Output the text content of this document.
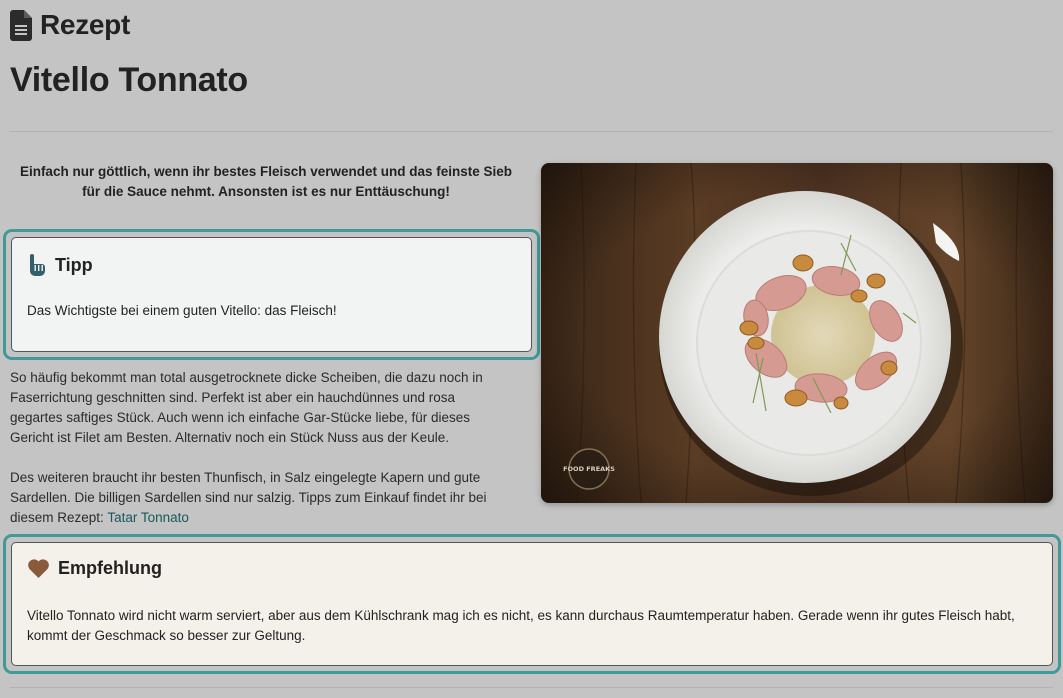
Rezept
Vitello Tonnato
Einfach nur göttlich, wenn ihr bestes Fleisch verwendet und das feinste Sieb für die Sauce nehmt. Ansonsten ist es nur Enttäuschung!
Tipp
Das Wichtigste bei einem guten Vitello: das Fleisch!
So häufig bekommt man total ausgetrocknete dicke Scheiben, die dazu noch in Faserrichtung geschnitten sind. Perfekt ist aber ein hauchdünnes und rosa gegartes saftiges Stück. Auch wenn ich einfache Gar-Stücke liebe, für dieses Gericht ist Filet am Besten. Alternativ noch ein Stück Nuss aus der Keule.
Des weiteren braucht ihr besten Thunfisch, in Salz eingelegte Kapern und gute Sardellen. Die billigen Sardellen sind nur salzig. Tipps zum Einkauf findet ihr bei diesem Rezept: Tatar Tonnato
FOOD FREAKS
Empfehlung
Vitello Tonnato wird nicht warm serviert, aber aus dem Kühlschrank mag ich es nicht, es kann durchaus Raumtemperatur haben. Gerade wenn ihr gutes Fleisch habt, kommt der Geschmack so besser zur Geltung.
